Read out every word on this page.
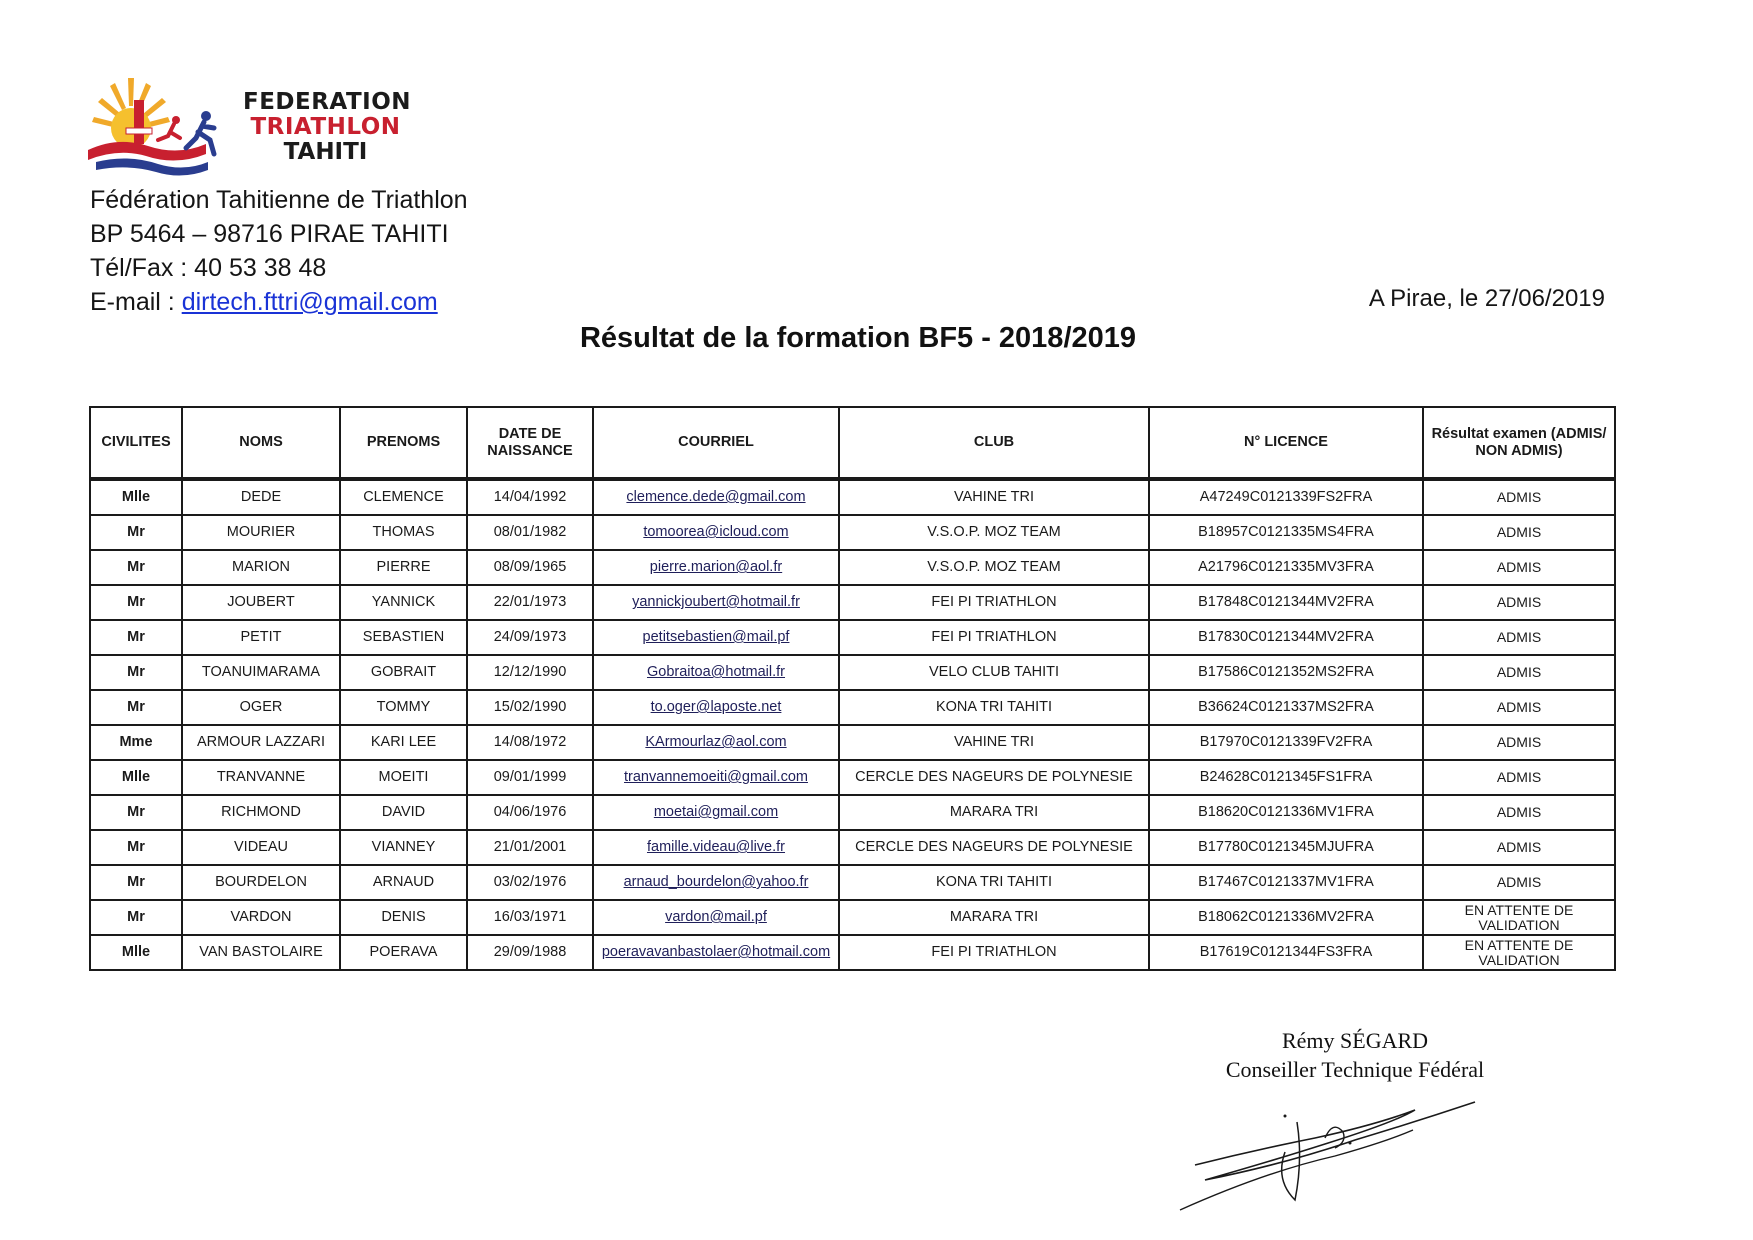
FEDERATION
TRIATHLON
TAHITI
Fédération Tahitienne de Triathlon
BP 5464 – 98716 PIRAE TAHITI
Tél/Fax : 40 53 38 48
E-mail : dirtech.fttri@gmail.com	A Pirae, le 27/06/2019
Résultat de la formation BF5 - 2018/2019
CIVILITES	NOMS	PRENOMS	DATE DE NAISSANCE	COURRIEL	CLUB	N° LICENCE	Résultat examen (ADMIS/ NON ADMIS)
Mlle	DEDE	CLEMENCE	14/04/1992	clemence.dede@gmail.com	VAHINE TRI	A47249C0121339FS2FRA	ADMIS
Mr	MOURIER	THOMAS	08/01/1982	tomoorea@icloud.com	V.S.O.P. MOZ TEAM	B18957C0121335MS4FRA	ADMIS
Mr	MARION	PIERRE	08/09/1965	pierre.marion@aol.fr	V.S.O.P. MOZ TEAM	A21796C0121335MV3FRA	ADMIS
Mr	JOUBERT	YANNICK	22/01/1973	yannickjoubert@hotmail.fr	FEI PI TRIATHLON	B17848C0121344MV2FRA	ADMIS
Mr	PETIT	SEBASTIEN	24/09/1973	petitsebastien@mail.pf	FEI PI TRIATHLON	B17830C0121344MV2FRA	ADMIS
Mr	TOANUIMARAMA	GOBRAIT	12/12/1990	Gobraitoa@hotmail.fr	VELO CLUB TAHITI	B17586C0121352MS2FRA	ADMIS
Mr	OGER	TOMMY	15/02/1990	to.oger@laposte.net	KONA TRI TAHITI	B36624C0121337MS2FRA	ADMIS
Mme	ARMOUR LAZZARI	KARI LEE	14/08/1972	KArmourlaz@aol.com	VAHINE TRI	B17970C0121339FV2FRA	ADMIS
Mlle	TRANVANNE	MOEITI	09/01/1999	tranvannemoeiti@gmail.com	CERCLE DES NAGEURS DE POLYNESIE	B24628C0121345FS1FRA	ADMIS
Mr	RICHMOND	DAVID	04/06/1976	moetai@gmail.com	MARARA TRI	B18620C0121336MV1FRA	ADMIS
Mr	VIDEAU	VIANNEY	21/01/2001	famille.videau@live.fr	CERCLE DES NAGEURS DE POLYNESIE	B17780C0121345MJUFRA	ADMIS
Mr	BOURDELON	ARNAUD	03/02/1976	arnaud_bourdelon@yahoo.fr	KONA TRI TAHITI	B17467C0121337MV1FRA	ADMIS
Mr	VARDON	DENIS	16/03/1971	vardon@mail.pf	MARARA TRI	B18062C0121336MV2FRA	EN ATTENTE DE VALIDATION
Mlle	VAN BASTOLAIRE	POERAVA	29/09/1988	poeravavanbastolaer@hotmail.com	FEI PI TRIATHLON	B17619C0121344FS3FRA	EN ATTENTE DE VALIDATION
Rémy SÉGARD
Conseiller Technique Fédéral
